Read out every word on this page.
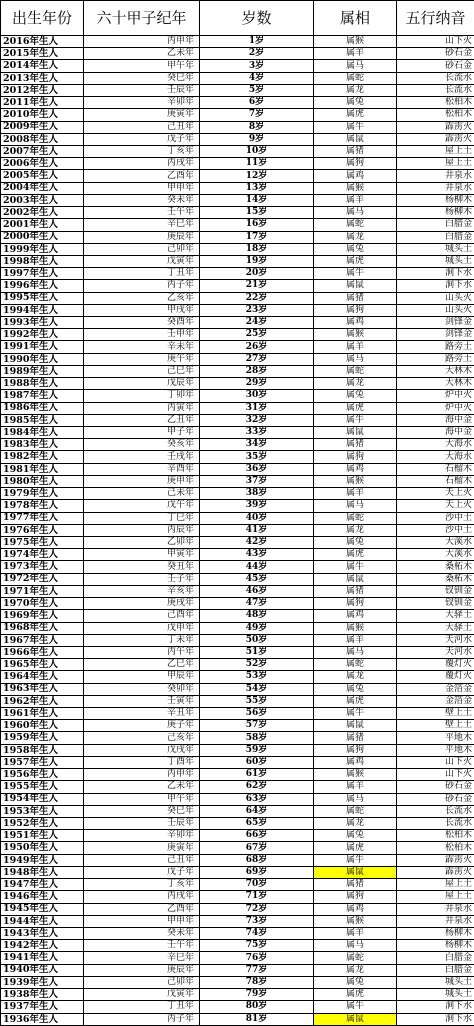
出生年份	六十甲子纪年	岁数	属相	五行纳音
2016年生人	丙申年	1岁	属猴	山下火
2015年生人	乙未年	2岁	属羊	砂石金
2014年生人	甲午年	3岁	属马	砂石金
2013年生人	癸巳年	4岁	属蛇	长流水
2012年生人	壬辰年	5岁	属龙	长流水
2011年生人	辛卯年	6岁	属兔	松柏木
2010年生人	庚寅年	7岁	属虎	松柏木
2009年生人	己丑年	8岁	属牛	霹雳火
2008年生人	戊子年	9岁	属鼠	霹雳火
2007年生人	丁亥年	10岁	属猪	屋上土
2006年生人	丙戌年	11岁	属狗	屋上土
2005年生人	乙酉年	12岁	属鸡	井泉水
2004年生人	甲申年	13岁	属猴	井泉水
2003年生人	癸未年	14岁	属羊	杨柳木
2002年生人	壬午年	15岁	属马	杨柳木
2001年生人	辛巳年	16岁	属蛇	白腊金
2000年生人	庚辰年	17岁	属龙	白腊金
1999年生人	己卯年	18岁	属兔	城头土
1998年生人	戊寅年	19岁	属虎	城头土
1997年生人	丁丑年	20岁	属牛	涧下水
1996年生人	丙子年	21岁	属鼠	涧下水
1995年生人	乙亥年	22岁	属猪	山头火
1994年生人	甲戌年	23岁	属狗	山头火
1993年生人	癸酉年	24岁	属鸡	剑锋金
1992年生人	壬申年	25岁	属猴	剑锋金
1991年生人	辛未年	26岁	属羊	路旁土
1990年生人	庚午年	27岁	属马	路旁土
1989年生人	己巳年	28岁	属蛇	大林木
1988年生人	戊辰年	29岁	属龙	大林木
1987年生人	丁卯年	30岁	属兔	炉中火
1986年生人	丙寅年	31岁	属虎	炉中火
1985年生人	乙丑年	32岁	属牛	海中金
1984年生人	甲子年	33岁	属鼠	海中金
1983年生人	癸亥年	34岁	属猪	大海水
1982年生人	壬戌年	35岁	属狗	大海水
1981年生人	辛酉年	36岁	属鸡	石榴木
1980年生人	庚申年	37岁	属猴	石榴木
1979年生人	己未年	38岁	属羊	天上火
1978年生人	戊午年	39岁	属马	天上火
1977年生人	丁巳年	40岁	属蛇	沙中土
1976年生人	丙辰年	41岁	属龙	沙中土
1975年生人	乙卯年	42岁	属兔	大溪水
1974年生人	甲寅年	43岁	属虎	大溪水
1973年生人	癸丑年	44岁	属牛	桑柘木
1972年生人	壬子年	45岁	属鼠	桑柘木
1971年生人	辛亥年	46岁	属猪	钗钏金
1970年生人	庚戌年	47岁	属狗	钗钏金
1969年生人	己酉年	48岁	属鸡	大驿土
1968年生人	戊申年	49岁	属猴	大驿土
1967年生人	丁未年	50岁	属羊	天河水
1966年生人	丙午年	51岁	属马	天河水
1965年生人	乙巳年	52岁	属蛇	覆灯火
1964年生人	甲辰年	53岁	属龙	覆灯火
1963年生人	癸卯年	54岁	属兔	金箔金
1962年生人	壬寅年	55岁	属虎	金箔金
1961年生人	辛丑年	56岁	属牛	壁上土
1960年生人	庚子年	57岁	属鼠	壁上土
1959年生人	己亥年	58岁	属猪	平地木
1958年生人	戊戌年	59岁	属狗	平地木
1957年生人	丁酉年	60岁	属鸡	山下火
1956年生人	丙申年	61岁	属猴	山下火
1955年生人	乙未年	62岁	属羊	砂石金
1954年生人	甲午年	63岁	属马	砂石金
1953年生人	癸巳年	64岁	属蛇	长流水
1952年生人	壬辰年	65岁	属龙	长流水
1951年生人	辛卯年	66岁	属兔	松柏木
1950年生人	庚寅年	67岁	属虎	松柏木
1949年生人	己丑年	68岁	属牛	霹雳火
1948年生人	戊子年	69岁	属鼠	霹雳火
1947年生人	丁亥年	70岁	属猪	屋上土
1946年生人	丙戌年	71岁	属狗	屋上土
1945年生人	乙酉年	72岁	属鸡	井泉水
1944年生人	甲申年	73岁	属猴	井泉水
1943年生人	癸未年	74岁	属羊	杨柳木
1942年生人	壬午年	75岁	属马	杨柳木
1941年生人	辛巳年	76岁	属蛇	白腊金
1940年生人	庚辰年	77岁	属龙	白腊金
1939年生人	己卯年	78岁	属兔	城头土
1938年生人	戊寅年	79岁	属虎	城头土
1937年生人	丁丑年	80岁	属牛	涧下水
1936年生人	丙子年	81岁	属鼠	涧下水
